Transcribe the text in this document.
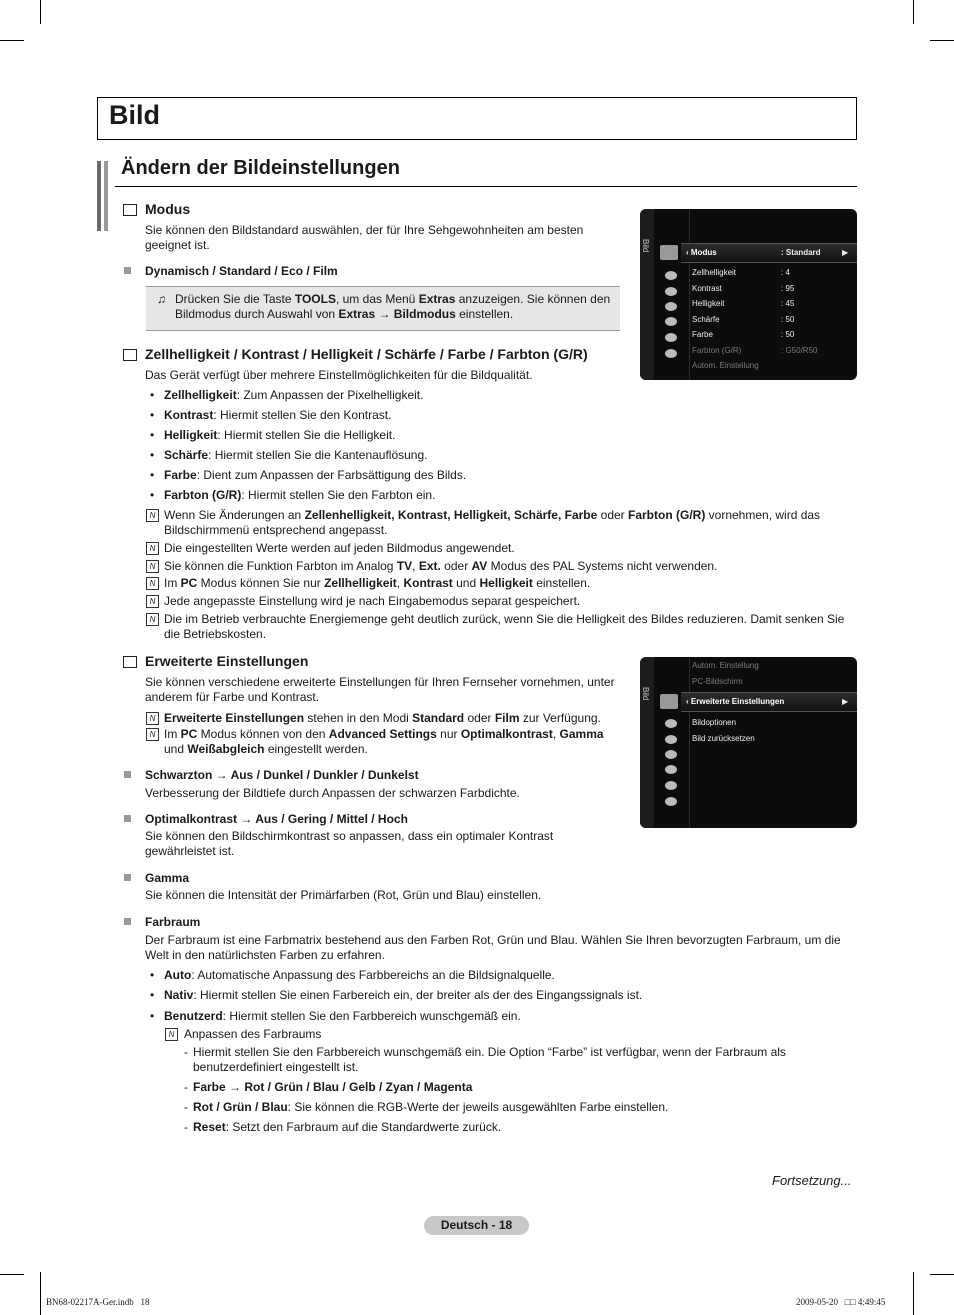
Bild
Ändern der Bildeinstellungen
Modus
Sie können den Bildstandard auswählen, der für Ihre Sehgewohnheiten am besten geeignet ist.
Dynamisch / Standard / Eco / Film
♫ Drücken Sie die Taste TOOLS, um das Menü Extras anzuzeigen. Sie können den Bildmodus durch Auswahl von Extras → Bildmodus einstellen.
Bild
‹ Modus	: Standard	▶
Zellhelligkeit	: 4
Kontrast	: 95
Helligkeit	: 45
Schärfe	: 50
Farbe	: 50
Farbton (G/R)	: G50/R50
Autom. Einstellung
Zellhelligkeit / Kontrast / Helligkeit / Schärfe / Farbe / Farbton (G/R)
Das Gerät verfügt über mehrere Einstellmöglichkeiten für die Bildqualität.
• Zellhelligkeit: Zum Anpassen der Pixelhelligkeit.
• Kontrast: Hiermit stellen Sie den Kontrast.
• Helligkeit: Hiermit stellen Sie die Helligkeit.
• Schärfe: Hiermit stellen Sie die Kantenauflösung.
• Farbe: Dient zum Anpassen der Farbsättigung des Bilds.
• Farbton (G/R): Hiermit stellen Sie den Farbton ein.
N Wenn Sie Änderungen an Zellenhelligkeit, Kontrast, Helligkeit, Schärfe, Farbe oder Farbton (G/R) vornehmen, wird das Bildschirmmenü entsprechend angepasst.
N Die eingestellten Werte werden auf jeden Bildmodus angewendet.
N Sie können die Funktion Farbton im Analog TV, Ext. oder AV Modus des PAL Systems nicht verwenden.
N Im PC Modus können Sie nur Zellhelligkeit, Kontrast und Helligkeit einstellen.
N Jede angepasste Einstellung wird je nach Eingabemodus separat gespeichert.
N Die im Betrieb verbrauchte Energiemenge geht deutlich zurück, wenn Sie die Helligkeit des Bildes reduzieren. Damit senken Sie die Betriebskosten.
Erweiterte Einstellungen
Sie können verschiedene erweiterte Einstellungen für Ihren Fernseher vornehmen, unter anderem für Farbe und Kontrast.
N Erweiterte Einstellungen stehen in den Modi Standard oder Film zur Verfügung.
N Im PC Modus können von den Advanced Settings nur Optimalkontrast, Gamma und Weißabgleich eingestellt werden.
Bild
Autom. Einstellung
PC-Bildschirm
‹ Erweiterte Einstellungen	▶
Bildoptionen
Bild zurücksetzen
Schwarzton → Aus / Dunkel / Dunkler / Dunkelst
Verbesserung der Bildtiefe durch Anpassen der schwarzen Farbdichte.
Optimalkontrast → Aus / Gering / Mittel / Hoch
Sie können den Bildschirmkontrast so anpassen, dass ein optimaler Kontrast gewährleistet ist.
Gamma
Sie können die Intensität der Primärfarben (Rot, Grün und Blau) einstellen.
Farbraum
Der Farbraum ist eine Farbmatrix bestehend aus den Farben Rot, Grün und Blau. Wählen Sie Ihren bevorzugten Farbraum, um die Welt in den natürlichsten Farben zu erfahren.
• Auto: Automatische Anpassung des Farbbereichs an die Bildsignalquelle.
• Nativ: Hiermit stellen Sie einen Farbereich ein, der breiter als der des Eingangssignals ist.
• Benutzerd: Hiermit stellen Sie den Farbbereich wunschgemäß ein.
N Anpassen des Farbraums
- Hiermit stellen Sie den Farbbereich wunschgemäß ein. Die Option “Farbe” ist verfügbar, wenn der Farbraum als benutzerdefiniert eingestellt ist.
- Farbe → Rot / Grün / Blau / Gelb / Zyan / Magenta
- Rot / Grün / Blau: Sie können die RGB-Werte der jeweils ausgewählten Farbe einstellen.
- Reset: Setzt den Farbraum auf die Standardwerte zurück.
Fortsetzung...
Deutsch - 18
BN68-02217A-Ger.indb   18	2009-05-20   □□ 4:49:45
